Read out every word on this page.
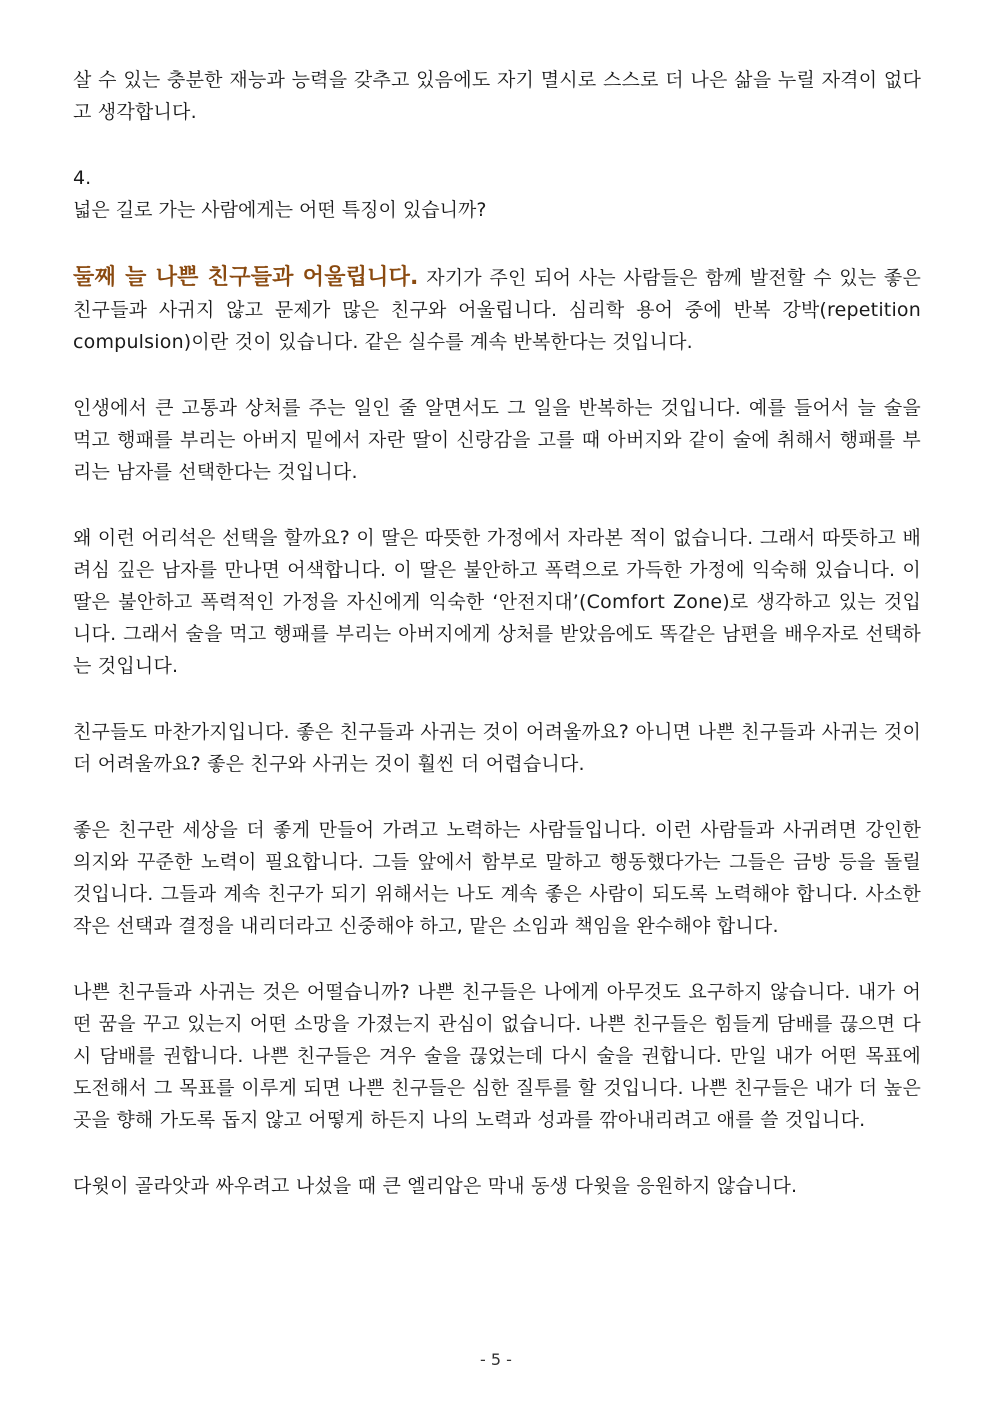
살 수 있는 충분한 재능과 능력을 갖추고 있음에도 자기 멸시로 스스로 더 나은 삶을 누릴 자격이 없다고 생각합니다.

4.

넓은 길로 가는 사람에게는 어떤 특징이 있습니까?

둘째 늘 나쁜 친구들과 어울립니다. 자기가 주인 되어 사는 사람들은 함께 발전할 수 있는 좋은 친구들과 사귀지 않고 문제가 많은 친구와 어울립니다. 심리학 용어 중에 반복 강박(repetition compulsion)이란 것이 있습니다. 같은 실수를 계속 반복한다는 것입니다.

인생에서 큰 고통과 상처를 주는 일인 줄 알면서도 그 일을 반복하는 것입니다. 예를 들어서 늘 술을 먹고 행패를 부리는 아버지 밑에서 자란 딸이 신랑감을 고를 때 아버지와 같이 술에 취해서 행패를 부리는 남자를 선택한다는 것입니다.

왜 이런 어리석은 선택을 할까요? 이 딸은 따뜻한 가정에서 자라본 적이 없습니다. 그래서 따뜻하고 배려심 깊은 남자를 만나면 어색합니다. 이 딸은 불안하고 폭력으로 가득한 가정에 익숙해 있습니다. 이 딸은 불안하고 폭력적인 가정을 자신에게 익숙한 ‘안전지대’(Comfort Zone)로 생각하고 있는 것입니다. 그래서 술을 먹고 행패를 부리는 아버지에게 상처를 받았음에도 똑같은 남편을 배우자로 선택하는 것입니다.

친구들도 마찬가지입니다. 좋은 친구들과 사귀는 것이 어려울까요? 아니면 나쁜 친구들과 사귀는 것이 더 어려울까요? 좋은 친구와 사귀는 것이 훨씬 더 어렵습니다.

좋은 친구란 세상을 더 좋게 만들어 가려고 노력하는 사람들입니다. 이런 사람들과 사귀려면 강인한 의지와 꾸준한 노력이 필요합니다. 그들 앞에서 함부로 말하고 행동했다가는 그들은 금방 등을 돌릴 것입니다. 그들과 계속 친구가 되기 위해서는 나도 계속 좋은 사람이 되도록 노력해야 합니다. 사소한 작은 선택과 결정을 내리더라고 신중해야 하고, 맡은 소임과 책임을 완수해야 합니다.

나쁜 친구들과 사귀는 것은 어떨습니까? 나쁜 친구들은 나에게 아무것도 요구하지 않습니다. 내가 어떤 꿈을 꾸고 있는지 어떤 소망을 가졌는지 관심이 없습니다. 나쁜 친구들은 힘들게 담배를 끊으면 다시 담배를 권합니다. 나쁜 친구들은 겨우 술을 끊었는데 다시 술을 권합니다. 만일 내가 어떤 목표에 도전해서 그 목표를 이루게 되면 나쁜 친구들은 심한 질투를 할 것입니다. 나쁜 친구들은 내가 더 높은 곳을 향해 가도록 돕지 않고 어떻게 하든지 나의 노력과 성과를 깎아내리려고 애를 쓸 것입니다.

다윗이 골라앗과 싸우려고 나섰을 때 큰 엘리압은 막내 동생 다윗을 응원하지 않습니다.

- 5 -
